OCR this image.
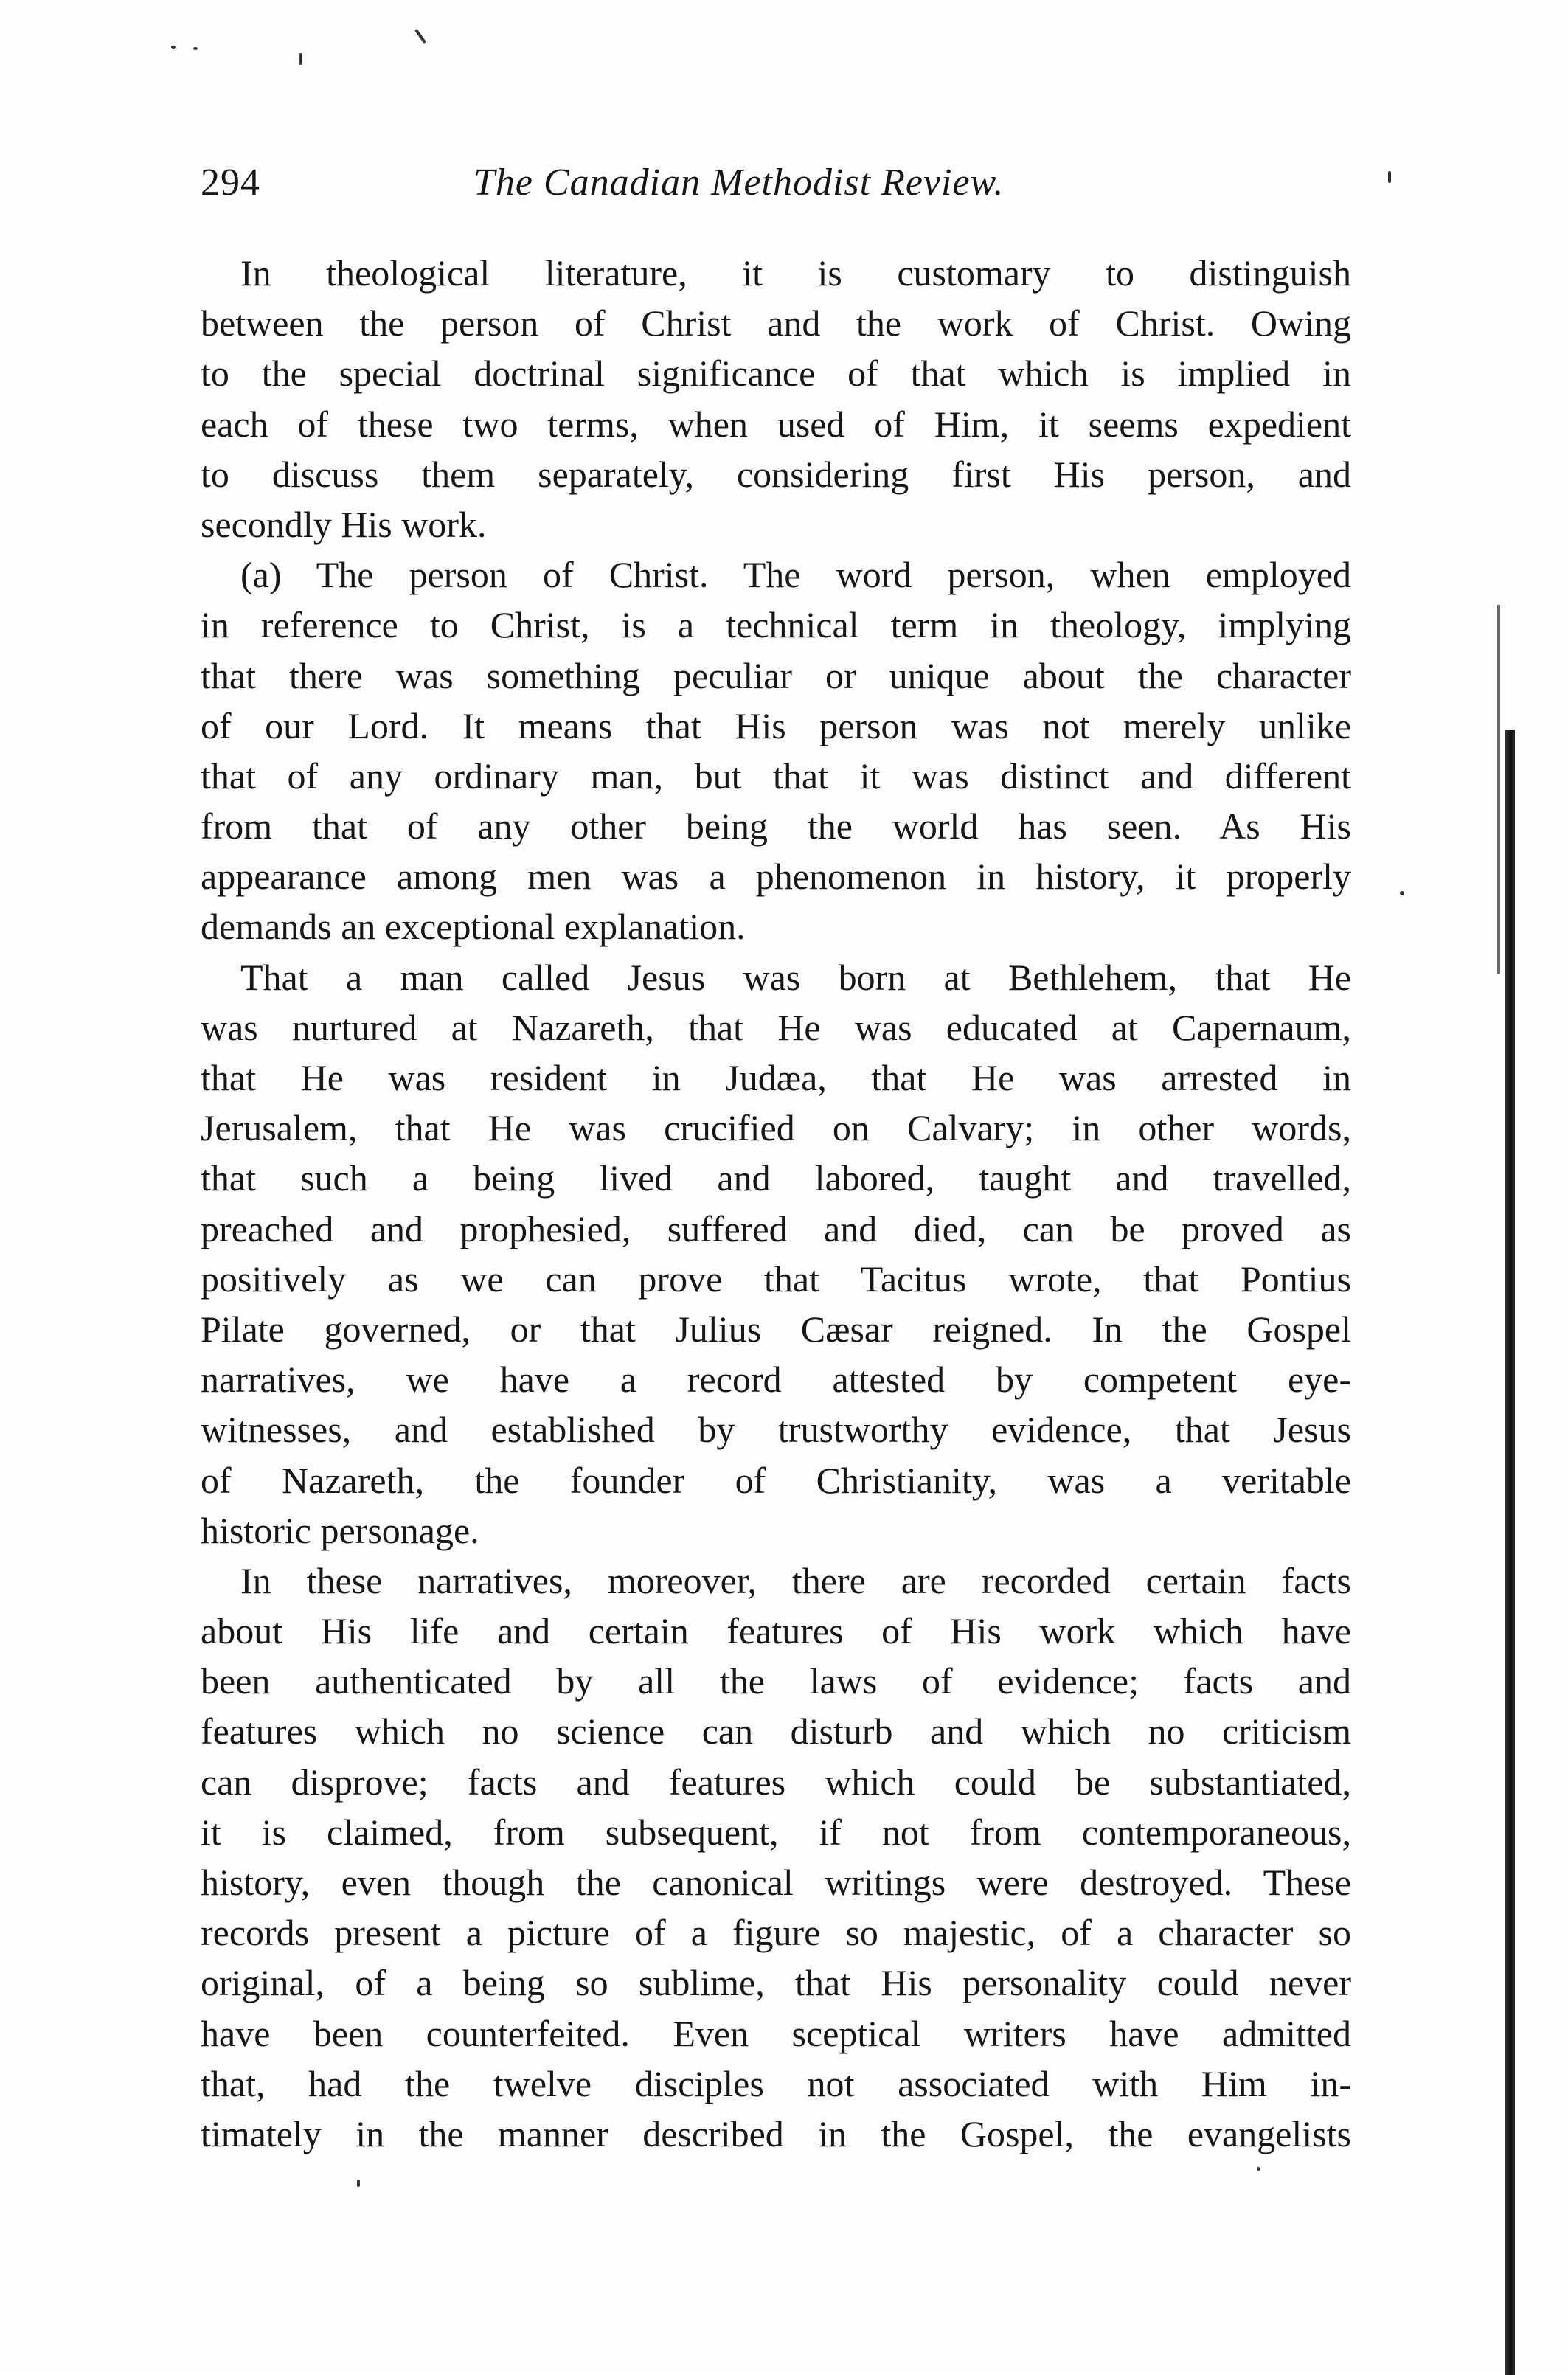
294	The Canadian Methodist Review.
In theological literature, it is customary to distinguish
between the person of Christ and the work of Christ. Owing
to the special doctrinal significance of that which is implied in
each of these two terms, when used of Him, it seems expedient
to discuss them separately, considering first His person, and
secondly His work.
(a) The person of Christ. The word person, when employed
in reference to Christ, is a technical term in theology, implying
that there was something peculiar or unique about the character
of our Lord. It means that His person was not merely unlike
that of any ordinary man, but that it was distinct and different
from that of any other being the world has seen. As His
appearance among men was a phenomenon in history, it properly
demands an exceptional explanation.
That a man called Jesus was born at Bethlehem, that He
was nurtured at Nazareth, that He was educated at Capernaum,
that He was resident in Judæa, that He was arrested in
Jerusalem, that He was crucified on Calvary; in other words,
that such a being lived and labored, taught and travelled,
preached and prophesied, suffered and died, can be proved as
positively as we can prove that Tacitus wrote, that Pontius
Pilate governed, or that Julius Cæsar reigned. In the Gospel
narratives, we have a record attested by competent eye-
witnesses, and established by trustworthy evidence, that Jesus
of Nazareth, the founder of Christianity, was a veritable
historic personage.
In these narratives, moreover, there are recorded certain facts
about His life and certain features of His work which have
been authenticated by all the laws of evidence; facts and
features which no science can disturb and which no criticism
can disprove; facts and features which could be substantiated,
it is claimed, from subsequent, if not from contemporaneous,
history, even though the canonical writings were destroyed. These
records present a picture of a figure so majestic, of a character so
original, of a being so sublime, that His personality could never
have been counterfeited. Even sceptical writers have admitted
that, had the twelve disciples not associated with Him in-
timately in the manner described in the Gospel, the evangelists
